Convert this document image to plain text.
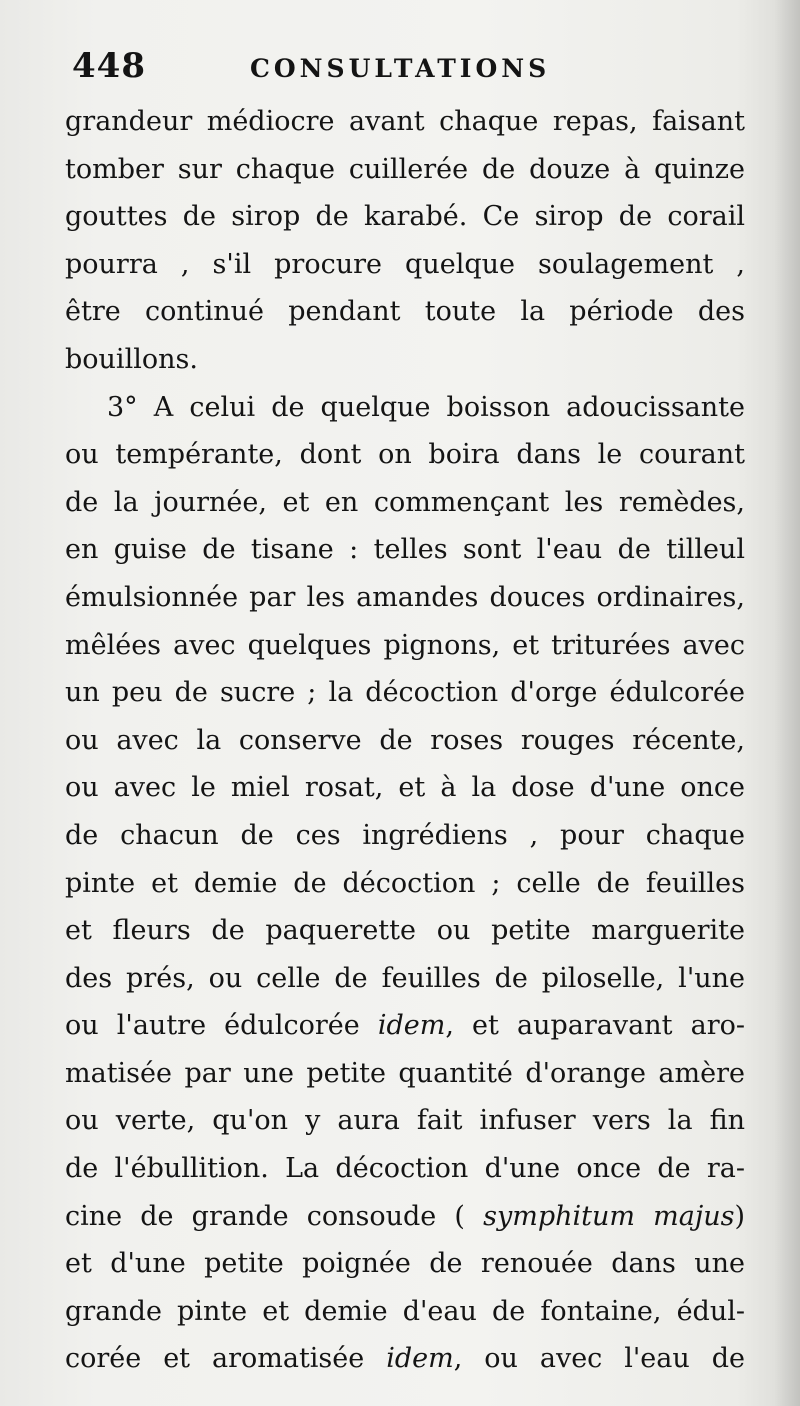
448	CONSULTATIONS
grandeur médiocre avant chaque repas, faisant
tomber sur chaque cuillerée de douze à quinze
gouttes de sirop de karabé. Ce sirop de corail
pourra , s'il procure quelque soulagement ,
être continué pendant toute la période des
bouillons.
3° A celui de quelque boisson adoucissante
ou tempérante, dont on boira dans le courant
de la journée, et en commençant les remèdes,
en guise de tisane : telles sont l'eau de tilleul
émulsionnée par les amandes douces ordinaires,
mêlées avec quelques pignons, et triturées avec
un peu de sucre ; la décoction d'orge édulcorée
ou avec la conserve de roses rouges récente,
ou avec le miel rosat, et à la dose d'une once
de chacun de ces ingrédiens , pour chaque
pinte et demie de décoction ; celle de feuilles
et fleurs de paquerette ou petite marguerite
des prés, ou celle de feuilles de piloselle, l'une
ou l'autre édulcorée idem, et auparavant aro-
matisée par une petite quantité d'orange amère
ou verte, qu'on y aura fait infuser vers la fin
de l'ébullition. La décoction d'une once de ra-
cine de grande consoude ( symphitum majus)
et d'une petite poignée de renouée dans une
grande pinte et demie d'eau de fontaine, édul-
corée et aromatisée idem, ou avec l'eau de
